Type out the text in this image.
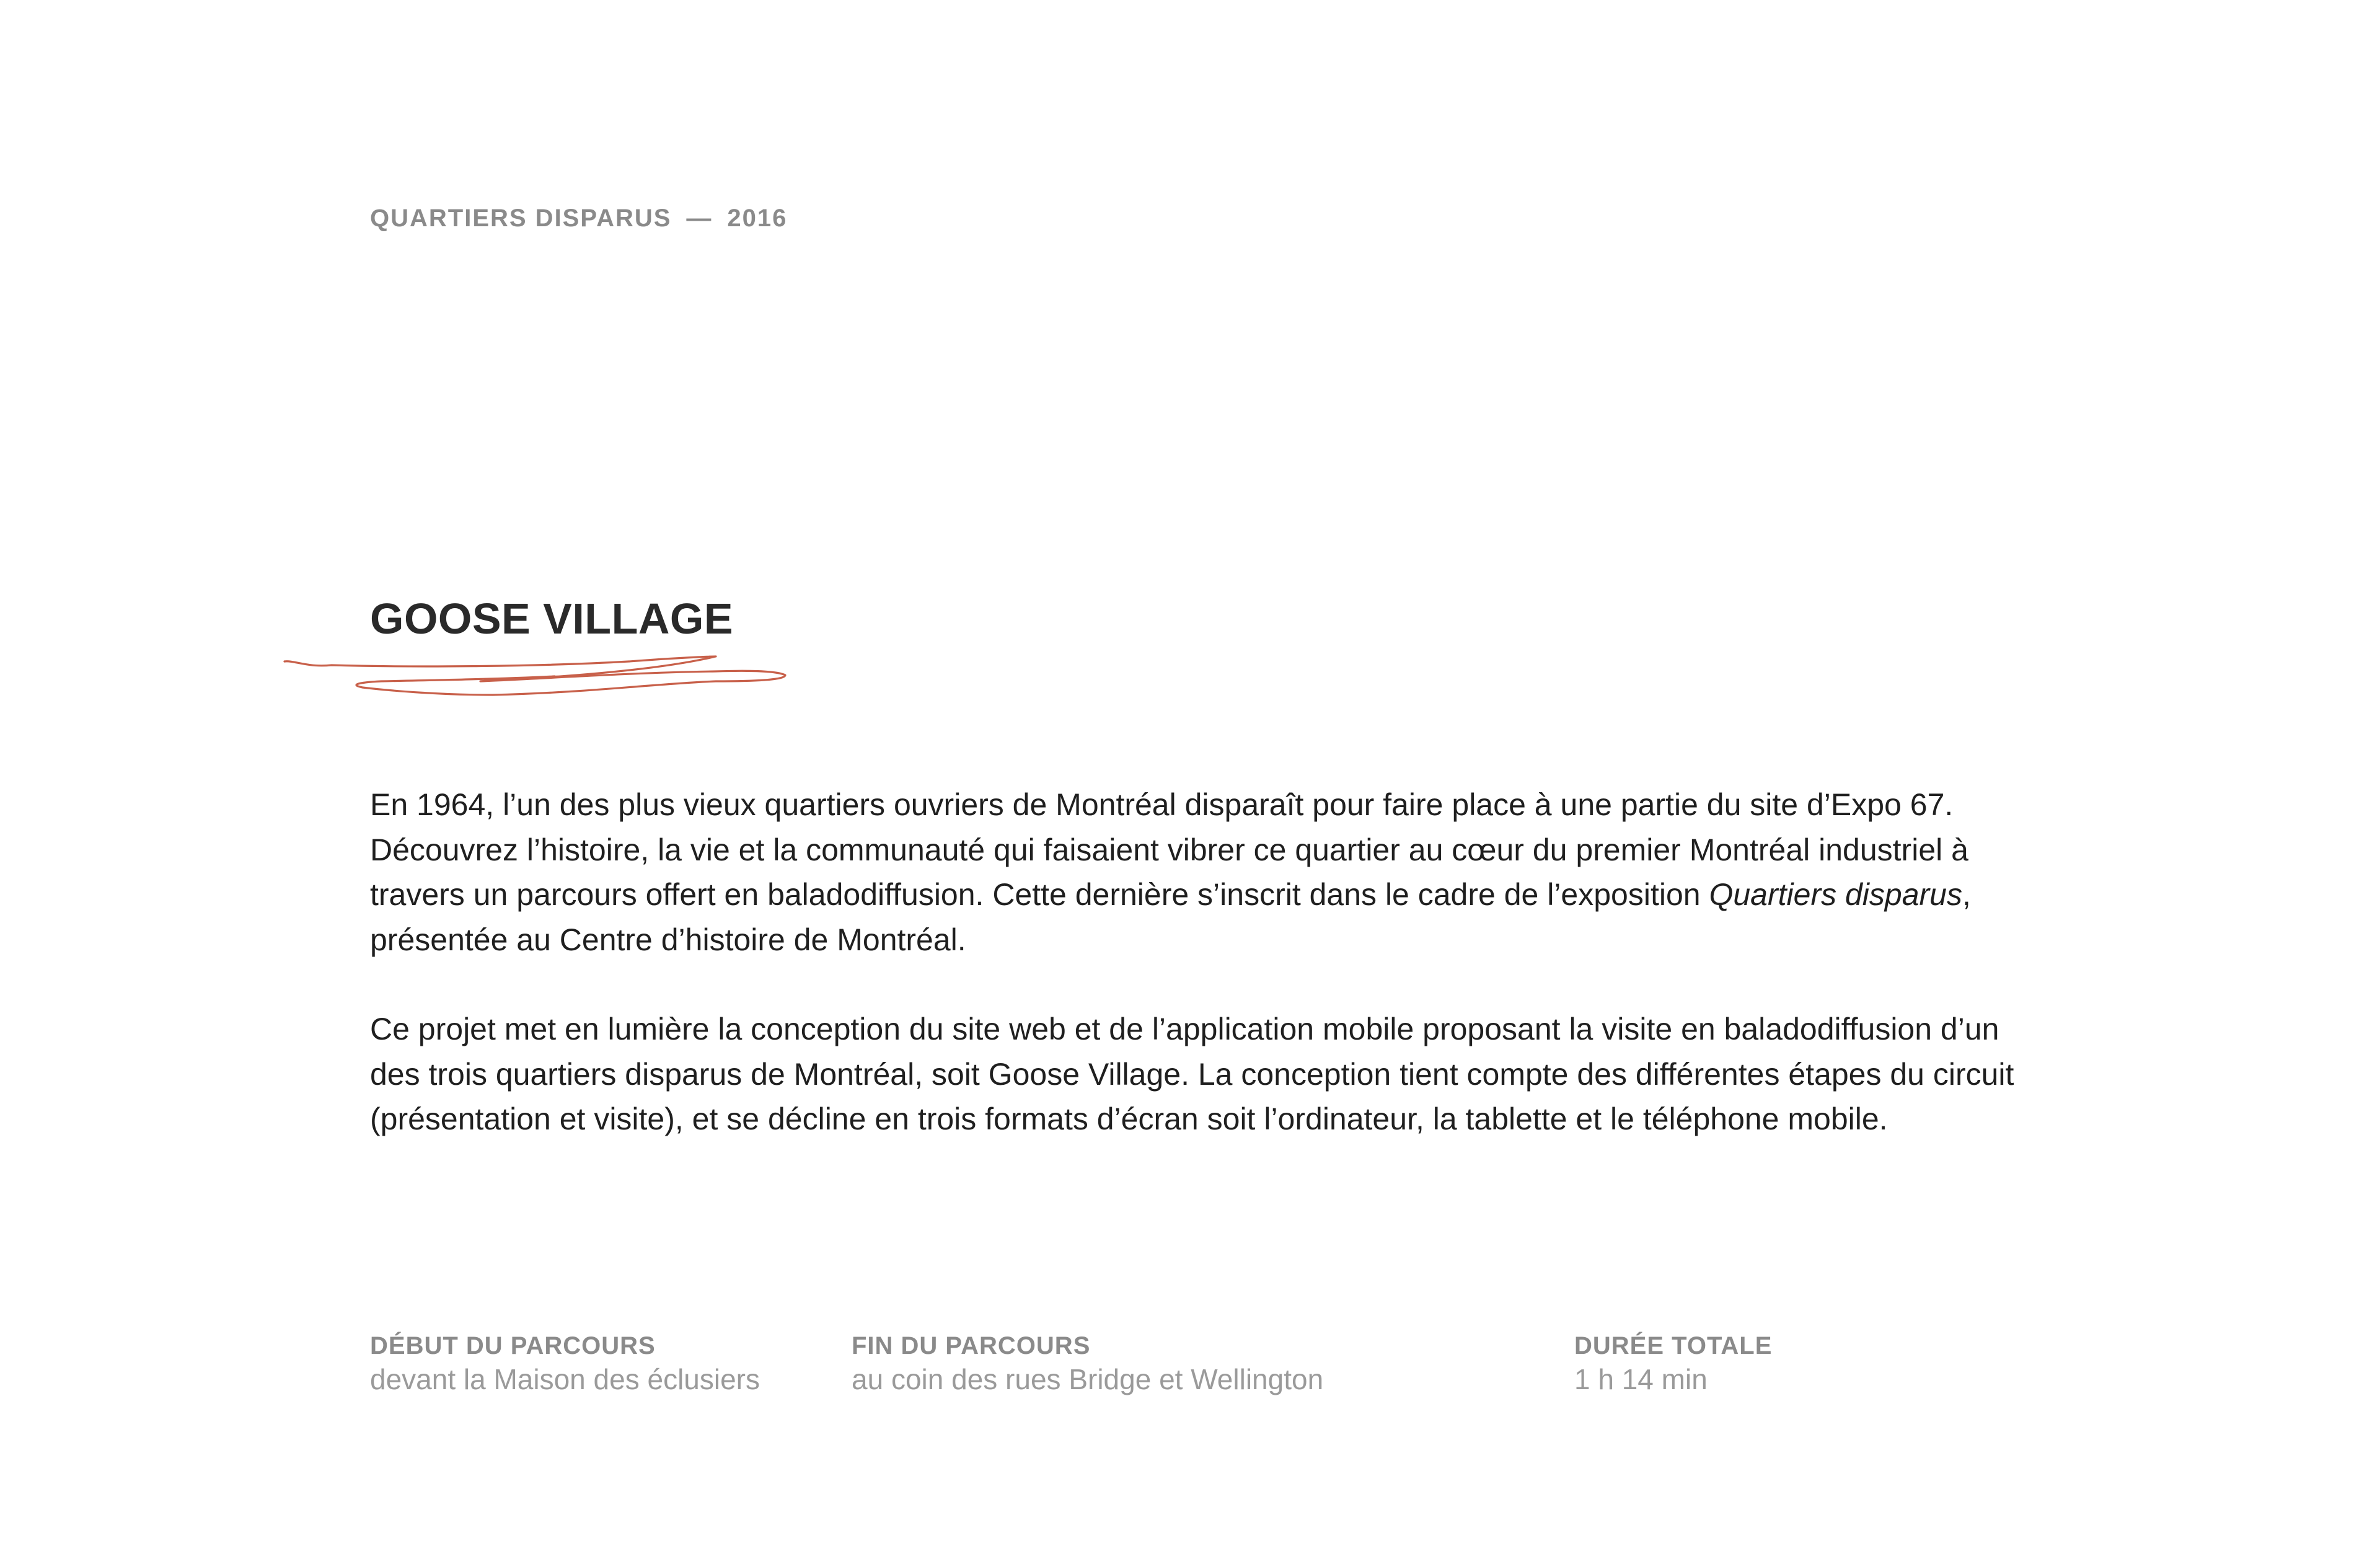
QUARTIERS DISPARUS — 2016
GOOSE VILLAGE

En 1964, l’un des plus vieux quartiers ouvriers de Montréal disparaît pour faire place à une partie du site d’Expo 67. Découvrez l’histoire, la vie et la communauté qui faisaient vibrer ce quartier au cœur du premier Montréal industriel à travers un parcours offert en baladodiffusion. Cette dernière s’inscrit dans le cadre de l’exposition Quartiers disparus, présentée au Centre d’histoire de Montréal.

Ce projet met en lumière la conception du site web et de l’application mobile proposant la visite en baladodiffusion d’un des trois quartiers disparus de Montréal, soit Goose Village. La conception tient compte des différentes étapes du circuit (présentation et visite), et se décline en trois formats d’écran soit l’ordinateur, la tablette et le téléphone mobile.

DÉBUT DU PARCOURS
devant la Maison des éclusiers
FIN DU PARCOURS
au coin des rues Bridge et Wellington
DURÉE TOTALE
1 h 14 min
